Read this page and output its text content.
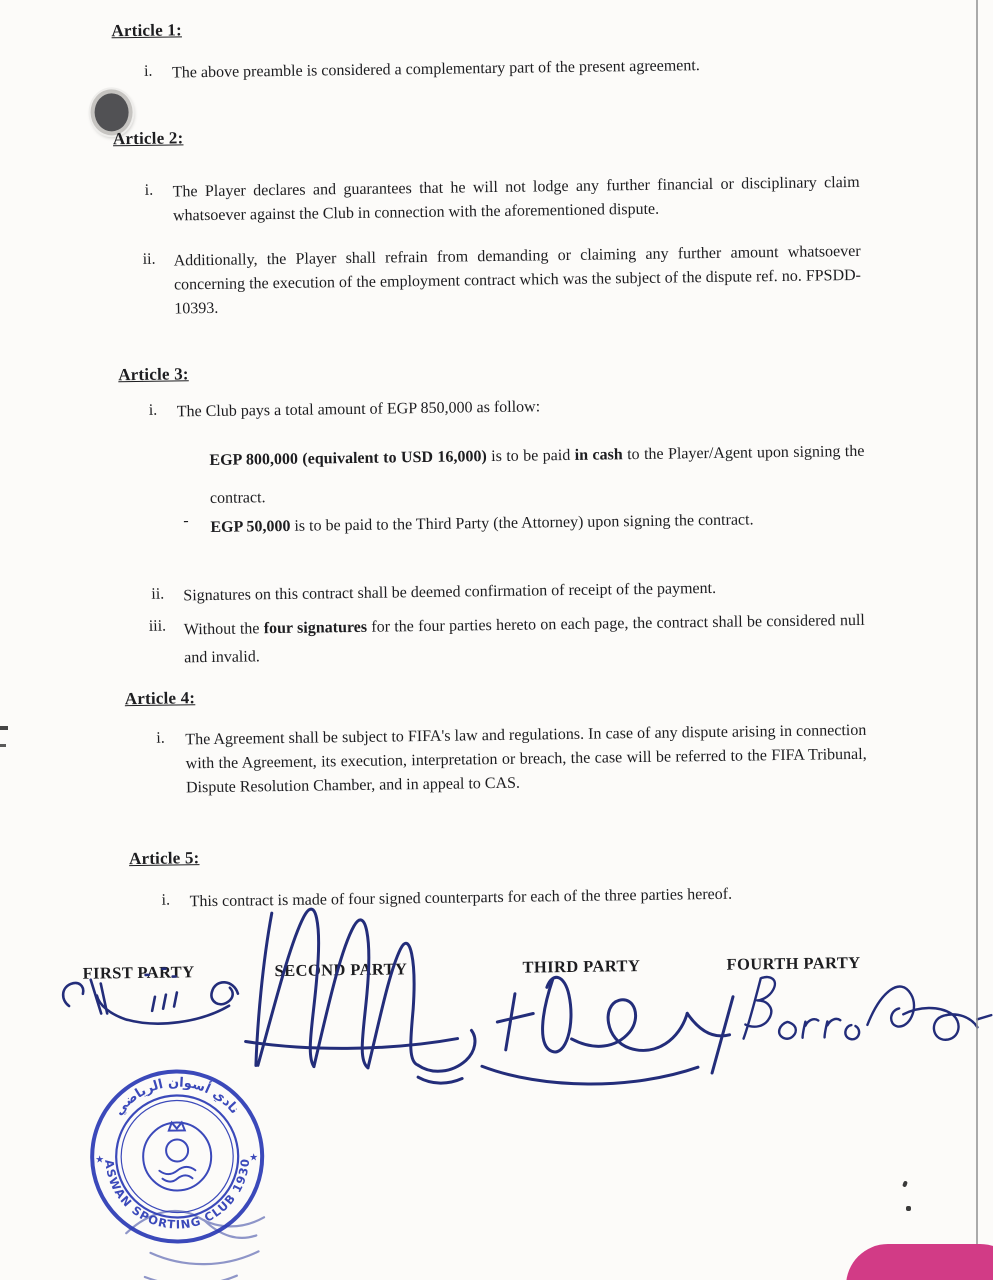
Article 1:
i. The above preamble is considered a complementary part of the present agreement.
Article 2:
i. The Player declares and guarantees that he will not lodge any further financial or disciplinary claim whatsoever against the Club in connection with the aforementioned dispute.
ii. Additionally, the Player shall refrain from demanding or claiming any further amount whatsoever concerning the execution of the employment contract which was the subject of the dispute ref. no. FPSDD-10393.
Article 3:
i. The Club pays a total amount of EGP 850,000 as follow:
EGP 800,000 (equivalent to USD 16,000) is to be paid in cash to the Player/Agent upon signing the contract.
- EGP 50,000 is to be paid to the Third Party (the Attorney) upon signing the contract.
ii. Signatures on this contract shall be deemed confirmation of receipt of the payment.
iii. Without the four signatures for the four parties hereto on each page, the contract shall be considered null and invalid.
Article 4:
i. The Agreement shall be subject to FIFA's law and regulations. In case of any dispute arising in connection with the Agreement, its execution, interpretation or breach, the case will be referred to the FIFA Tribunal, Dispute Resolution Chamber, and in appeal to CAS.
Article 5:
i. This contract is made of four signed counterparts for each of the three parties hereof.
FIRST PARTY	SECOND PARTY	THIRD PARTY	FOURTH PARTY
ASWAN SPORTING CLUB 1930
نادي أسوان الرياضي
★	★
